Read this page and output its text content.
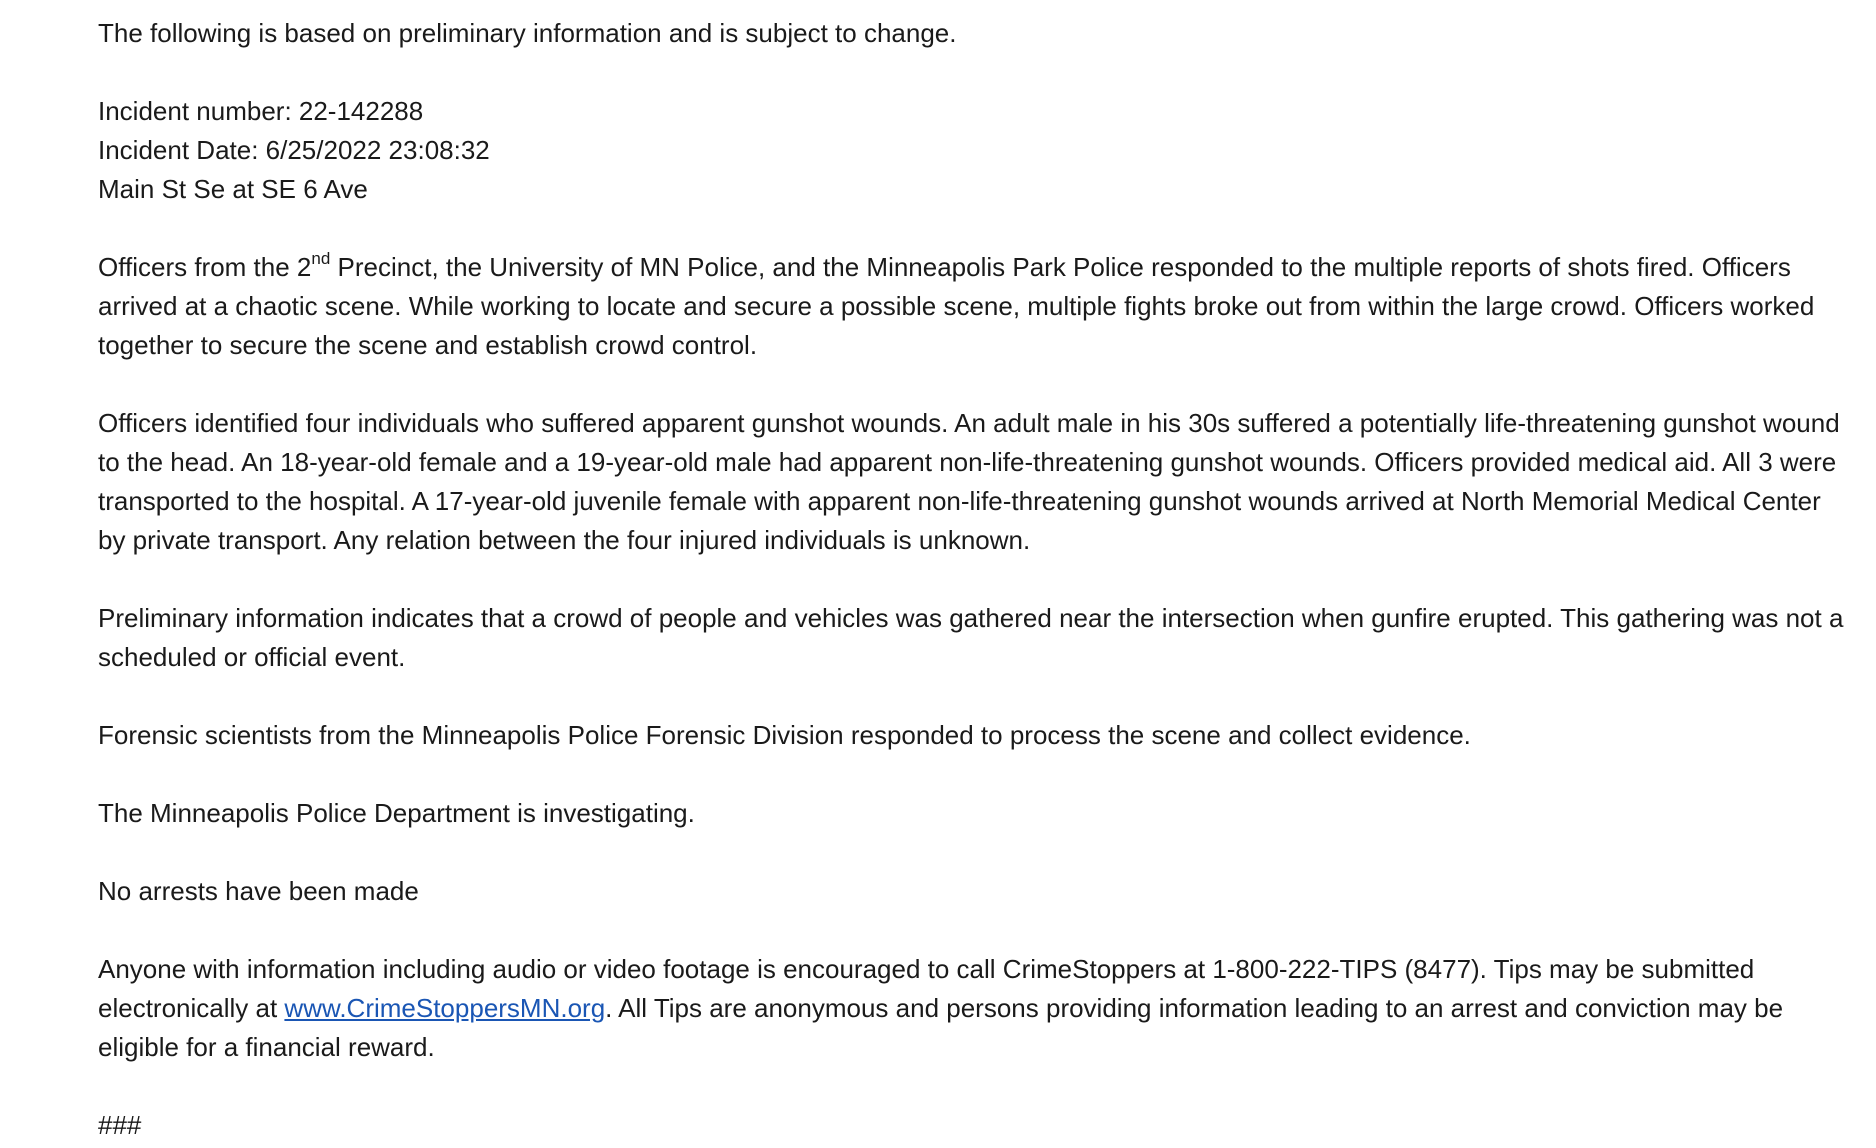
The following is based on preliminary information and is subject to change.

Incident number: 22-142288
Incident Date: 6/25/2022 23:08:32
Main St Se at SE 6 Ave

Officers from the 2nd Precinct, the University of MN Police, and the Minneapolis Park Police responded to the multiple reports of shots fired. Officers arrived at a chaotic scene. While working to locate and secure a possible scene, multiple fights broke out from within the large crowd. Officers worked together to secure the scene and establish crowd control.

Officers identified four individuals who suffered apparent gunshot wounds. An adult male in his 30s suffered a potentially life-threatening gunshot wound to the head. An 18-year-old female and a 19-year-old male had apparent non-life-threatening gunshot wounds. Officers provided medical aid. All 3 were transported to the hospital. A 17-year-old juvenile female with apparent non-life-threatening gunshot wounds arrived at North Memorial Medical Center by private transport. Any relation between the four injured individuals is unknown.

Preliminary information indicates that a crowd of people and vehicles was gathered near the intersection when gunfire erupted. This gathering was not a scheduled or official event.

Forensic scientists from the Minneapolis Police Forensic Division responded to process the scene and collect evidence.

The Minneapolis Police Department is investigating.

No arrests have been made

Anyone with information including audio or video footage is encouraged to call CrimeStoppers at 1-800-222-TIPS (8477). Tips may be submitted electronically at www.CrimeStoppersMN.org. All Tips are anonymous and persons providing information leading to an arrest and conviction may be eligible for a financial reward.

###
